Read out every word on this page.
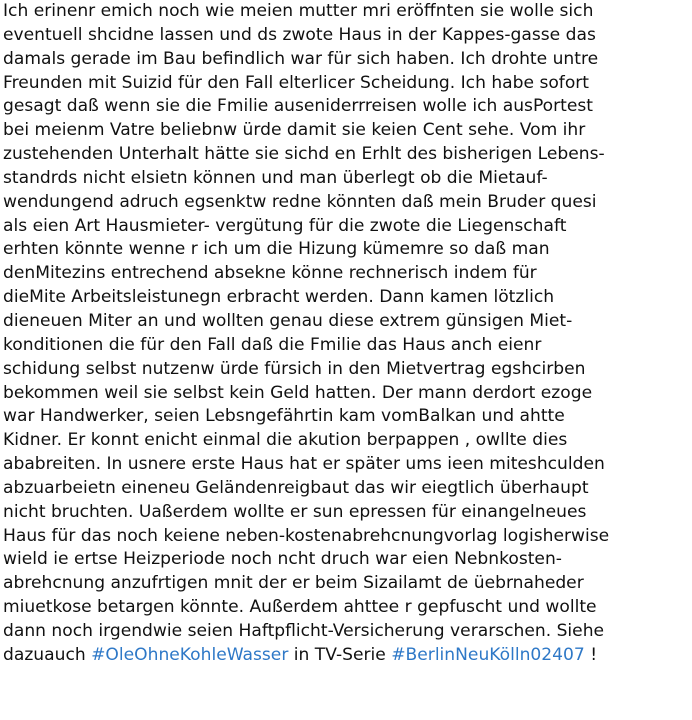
Ich erinenr emich noch wie meien mutter mri eröffnten sie wolle sich
eventuell shcidne lassen und ds zwote Haus in der Kappes-gasse das
damals gerade im Bau befindlich war für sich haben. Ich drohte untre
Freunden mit Suizid für den Fall elterlicer Scheidung. Ich habe sofort
gesagt daß wenn sie die Fmilie auseniderrreisen wolle ich ausPortest
bei meienm Vatre beliebnw ürde damit sie keien Cent sehe. Vom ihr
zustehenden Unterhalt hätte sie sichd en Erhlt des bisherigen Lebens-
standrds nicht elsietn können und man überlegt ob die Mietauf-
wendungend adruch egsenktw redne könnten daß mein Bruder quesi
als eien Art Hausmieter- vergütung für die zwote die Liegenschaft
erhten könnte wenne r ich um die Hizung kümemre so daß man
denMitezins entrechend absekne könne rechnerisch indem für
dieMite Arbeitsleistunegn erbracht werden. Dann kamen lötzlich
dieneuen Miter an und wollten genau diese extrem günsigen Miet-
konditionen die für den Fall daß die Fmilie das Haus anch eienr
schidung selbst nutzenw ürde fürsich in den Mietvertrag egshcirben
bekommen weil sie selbst kein Geld hatten. Der mann derdort ezoge
war Handwerker, seien Lebsngefährtin kam vomBalkan und ahtte
Kidner. Er konnt enicht einmal die akution berpappen , owllte dies
ababreiten. In usnere erste Haus hat er später ums ieen miteshculden
abzuarbeietn eineneu Geländenreigbaut das wir eiegtlich überhaupt
nicht bruchten. Uaßerdem wollte er sun epressen für einangelneues
Haus für das noch keiene neben-kostenabrehcnungvorlag logisherwise
wield ie ertse Heizperiode noch ncht druch war eien Nebnkosten-
abrehcnung anzufrtigen mnit der er beim Sizailamt de üebrnaheder
miuetkose betargen könnte. Außerdem ahttee r gepfuscht und wollte
dann noch irgendwie seien Haftpflicht-Versicherung verarschen. Siehe
dazuauch #OleOhneKohleWasser in TV-Serie #BerlinNeuKölln02407 !
